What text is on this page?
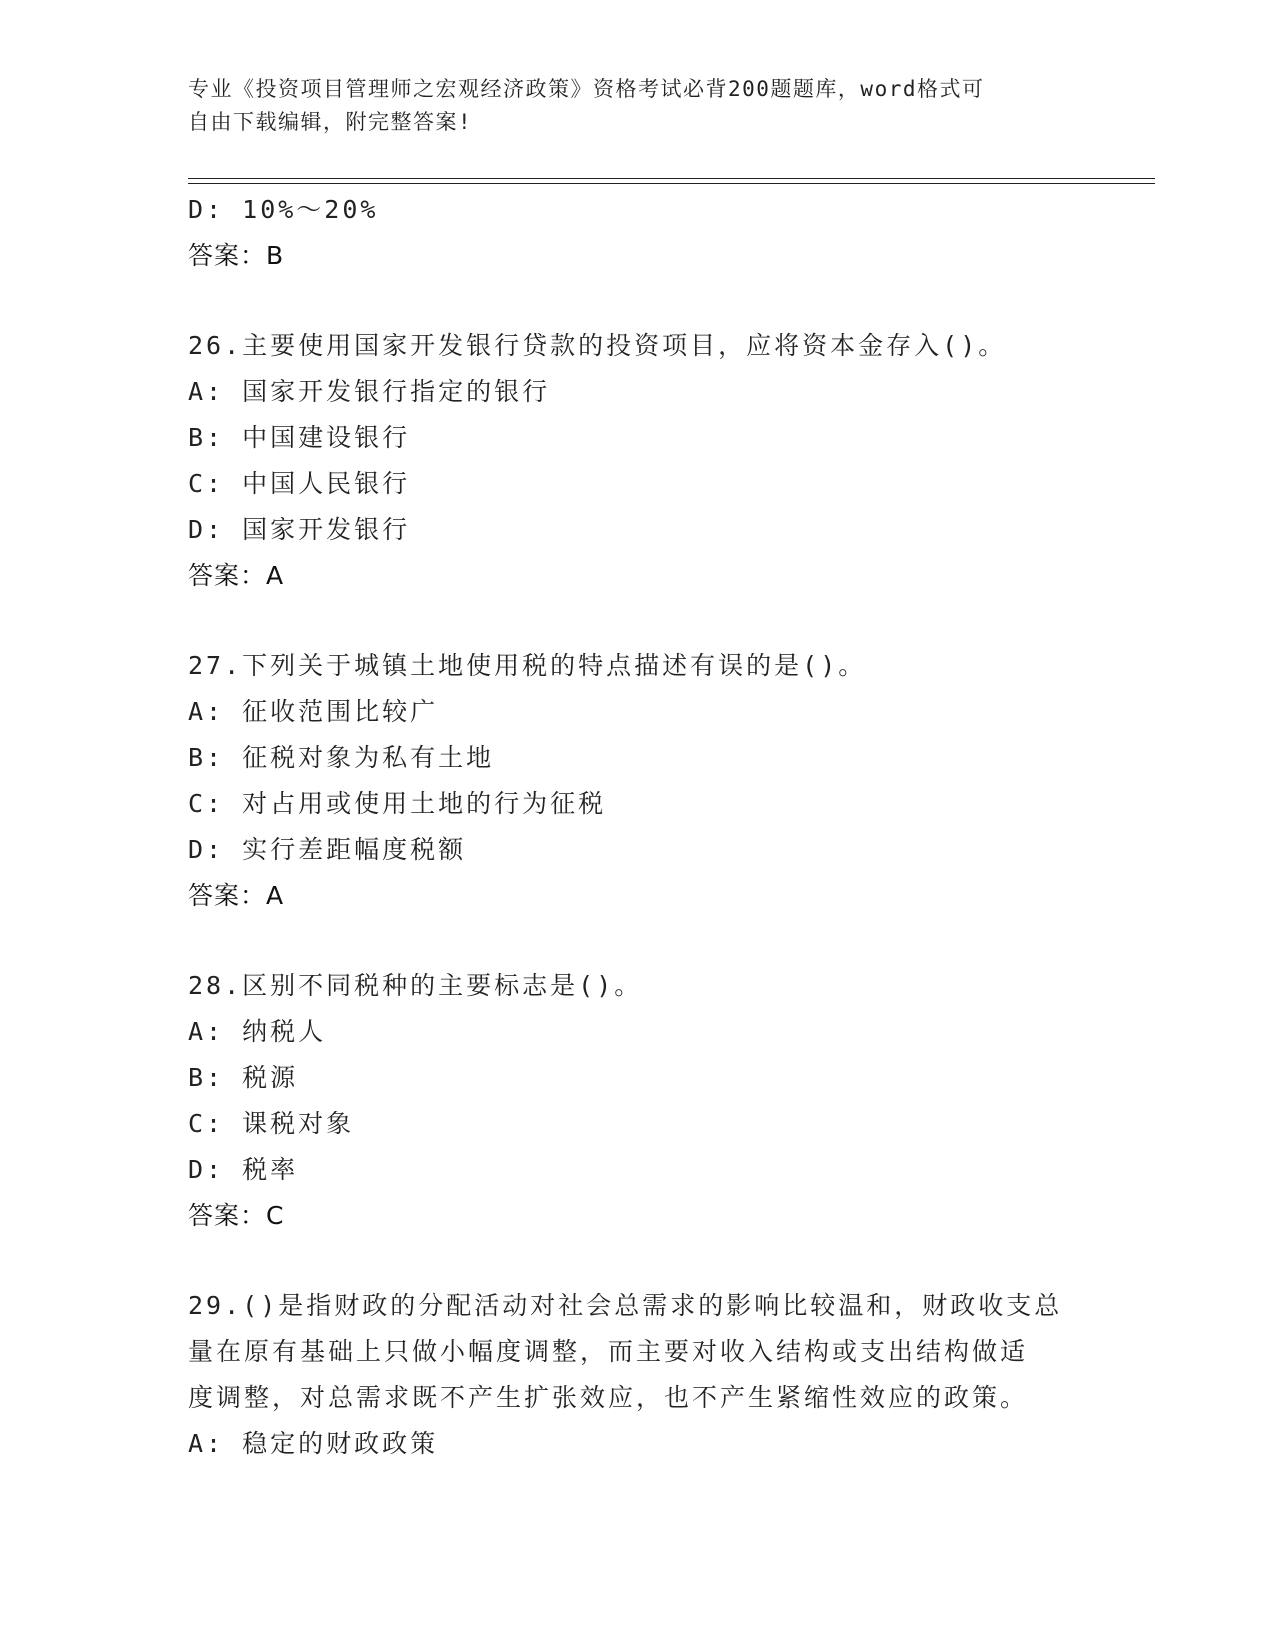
专业《投资项目管理师之宏观经济政策》资格考试必背200题题库，word格式可
自由下载编辑，附完整答案!
D: 10%～20%
答案：B
26.主要使用国家开发银行贷款的投资项目，应将资本金存入()。
A: 国家开发银行指定的银行
B: 中国建设银行
C: 中国人民银行
D: 国家开发银行
答案：A
27.下列关于城镇土地使用税的特点描述有误的是()。
A: 征收范围比较广
B: 征税对象为私有土地
C: 对占用或使用土地的行为征税
D: 实行差距幅度税额
答案：A
28.区别不同税种的主要标志是()。
A: 纳税人
B: 税源
C: 课税对象
D: 税率
答案：C
29.()是指财政的分配活动对社会总需求的影响比较温和，财政收支总
量在原有基础上只做小幅度调整，而主要对收入结构或支出结构做适
度调整，对总需求既不产生扩张效应，也不产生紧缩性效应的政策。
A: 稳定的财政政策
